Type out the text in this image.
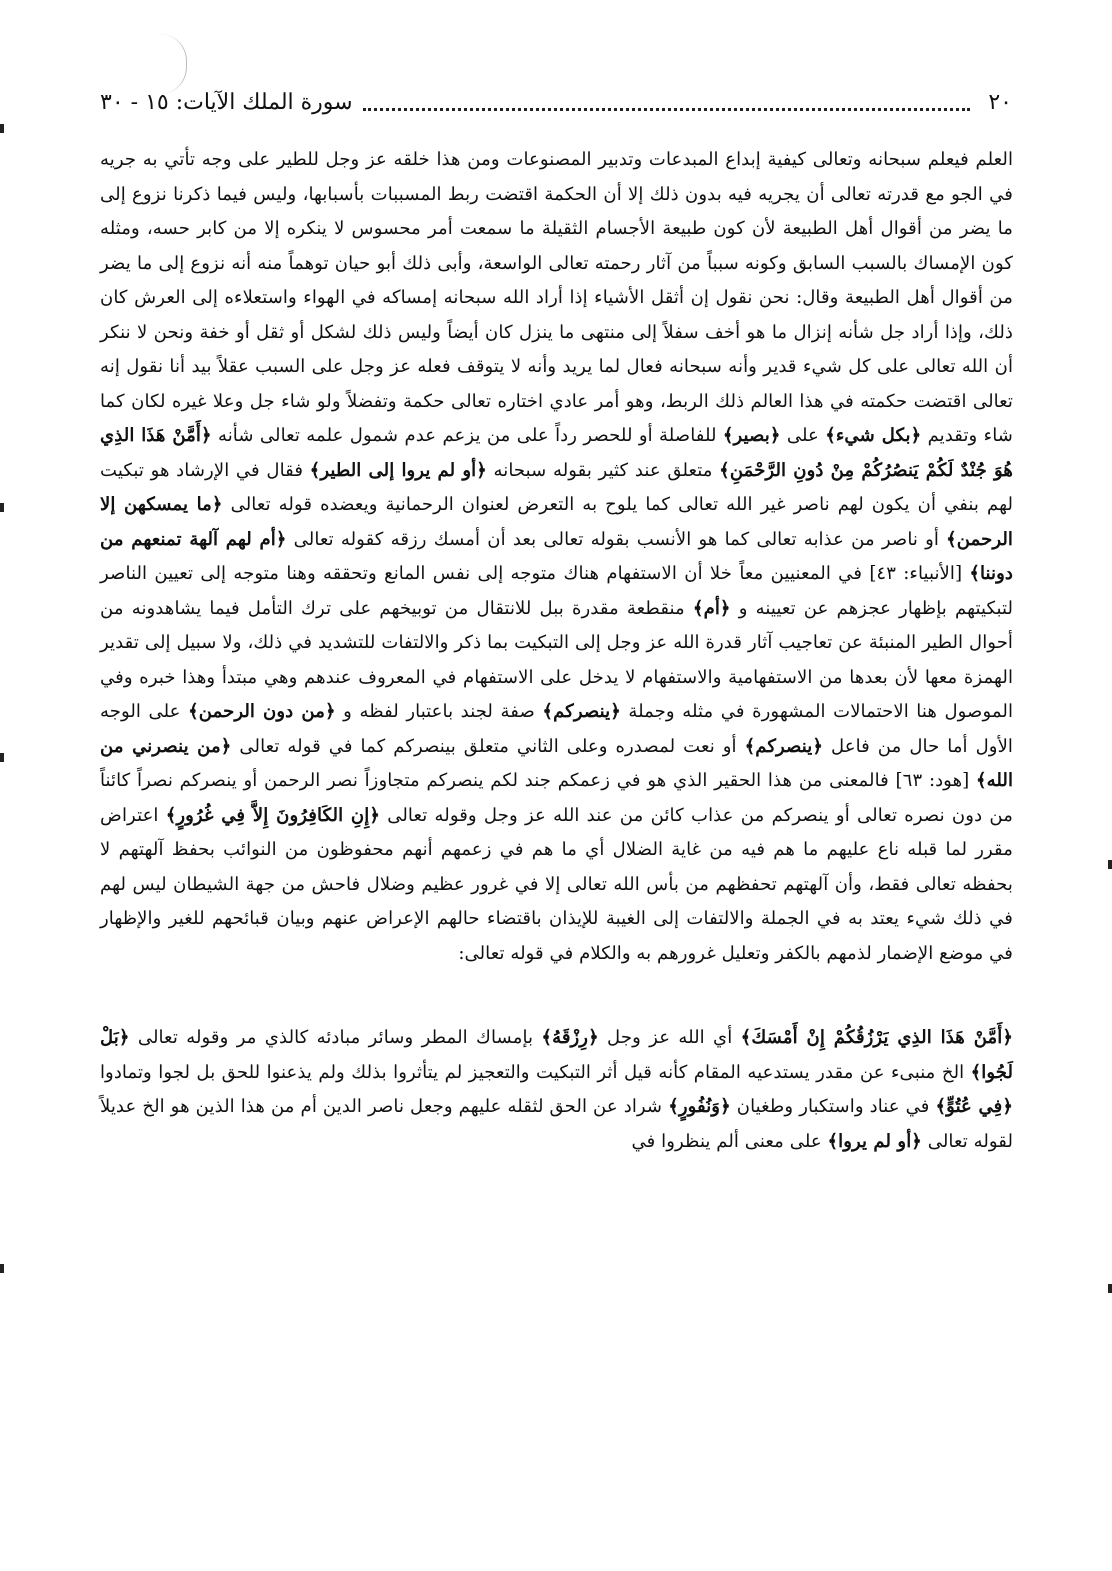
٢٠
سورة الملك الآيات: ١٥ - ٣٠

العلم فيعلم سبحانه وتعالى كيفية إبداع المبدعات وتدبير المصنوعات ومن هذا خلقه عز وجل للطير على وجه تأتي به جريه في الجو مع قدرته تعالى أن يجريه فيه بدون ذلك إلا أن الحكمة اقتضت ربط المسببات بأسبابها، وليس فيما ذكرنا نزوع إلى ما يضر من أقوال أهل الطبيعة لأن كون طبيعة الأجسام الثقيلة ما سمعت أمر محسوس لا ينكره إلا من كابر حسه، ومثله كون الإمساك بالسبب السابق وكونه سبباً من آثار رحمته تعالى الواسعة، وأبى ذلك أبو حيان توهماً منه أنه نزوع إلى ما يضر من أقوال أهل الطبيعة وقال: نحن نقول إن أثقل الأشياء إذا أراد الله سبحانه إمساكه في الهواء واستعلاءه إلى العرش كان ذلك، وإذا أراد جل شأنه إنزال ما هو أخف سفلاً إلى منتهى ما ينزل كان أيضاً وليس ذلك لشكل أو ثقل أو خفة ونحن لا ننكر أن الله تعالى على كل شيء قدير وأنه سبحانه فعال لما يريد وأنه لا يتوقف فعله عز وجل على السبب عقلاً بيد أنا نقول إنه تعالى اقتضت حكمته في هذا العالم ذلك الربط، وهو أمر عادي اختاره تعالى حكمة وتفضلاً ولو شاء جل وعلا غيره لكان كما شاء وتقديم ﴿بكل شيء﴾ على ﴿بصير﴾ للفاصلة أو للحصر رداً على من يزعم عدم شمول علمه تعالى شأنه ﴿أَمَّنْ هَذَا الذِي هُوَ جُنْدٌ لَكُمْ يَنصُرُكُمْ مِنْ دُونِ الرَّحْمَنِ﴾ متعلق عند كثير بقوله سبحانه ﴿أو لم يروا إلى الطير﴾ فقال في الإرشاد هو تبكيت لهم بنفي أن يكون لهم ناصر غير الله تعالى كما يلوح به التعرض لعنوان الرحمانية ويعضده قوله تعالى ﴿ما يمسكهن إلا الرحمن﴾ أو ناصر من عذابه تعالى كما هو الأنسب بقوله تعالى بعد أن أمسك رزقه كقوله تعالى ﴿أم لهم آلهة تمنعهم من دوننا﴾ [الأنبياء: ٤٣] في المعنيين معاً خلا أن الاستفهام هناك متوجه إلى نفس المانع وتحققه وهنا متوجه إلى تعيين الناصر لتبكيتهم بإظهار عجزهم عن تعيينه و ﴿أم﴾ منقطعة مقدرة ببل للانتقال من توبيخهم على ترك التأمل فيما يشاهدونه من أحوال الطير المنبئة عن تعاجيب آثار قدرة الله عز وجل إلى التبكيت بما ذكر والالتفات للتشديد في ذلك، ولا سبيل إلى تقدير الهمزة معها لأن بعدها من الاستفهامية والاستفهام لا يدخل على الاستفهام في المعروف عندهم وهي مبتدأ وهذا خبره وفي الموصول هنا الاحتمالات المشهورة في مثله وجملة ﴿ينصركم﴾ صفة لجند باعتبار لفظه و ﴿من دون الرحمن﴾ على الوجه الأول أما حال من فاعل ﴿ينصركم﴾ أو نعت لمصدره وعلى الثاني متعلق بينصركم كما في قوله تعالى ﴿من ينصرني من الله﴾ [هود: ٦٣] فالمعنى من هذا الحقير الذي هو في زعمكم جند لكم ينصركم متجاوزاً نصر الرحمن أو ينصركم نصراً كائناً من دون نصره تعالى أو ينصركم من عذاب كائن من عند الله عز وجل وقوله تعالى ﴿إِنِ الكَافِرُونَ إِلاَّ فِي غُرُورٍ﴾ اعتراض مقرر لما قبله ناع عليهم ما هم فيه من غاية الضلال أي ما هم في زعمهم أنهم محفوظون من النوائب بحفظ آلهتهم لا بحفظه تعالى فقط، وأن آلهتهم تحفظهم من بأس الله تعالى إلا في غرور عظيم وضلال فاحش من جهة الشيطان ليس لهم في ذلك شيء يعتد به في الجملة والالتفات إلى الغيبة للإيذان باقتضاء حالهم الإعراض عنهم وبيان قبائحهم للغير والإظهار في موضع الإضمار لذمهم بالكفر وتعليل غرورهم به والكلام في قوله تعالى:

﴿أَمَّنْ هَذَا الذِي يَرْزُقُكُمْ إِنْ أَمْسَكَ﴾ أي الله عز وجل ﴿رِزْقَهُ﴾ بإمساك المطر وسائر مبادئه كالذي مر وقوله تعالى ﴿بَلْ لَجُوا﴾ الخ منبىء عن مقدر يستدعيه المقام كأنه قيل أثر التبكيت والتعجيز لم يتأثروا بذلك ولم يذعنوا للحق بل لجوا وتمادوا ﴿فِي عُتُوٍّ﴾ في عناد واستكبار وطغيان ﴿وَنُفُورٍ﴾ شراد عن الحق لثقله عليهم وجعل ناصر الدين أم من هذا الذين هو الخ عديلاً لقوله تعالى ﴿أو لم يروا﴾ على معنى ألم ينظروا في
